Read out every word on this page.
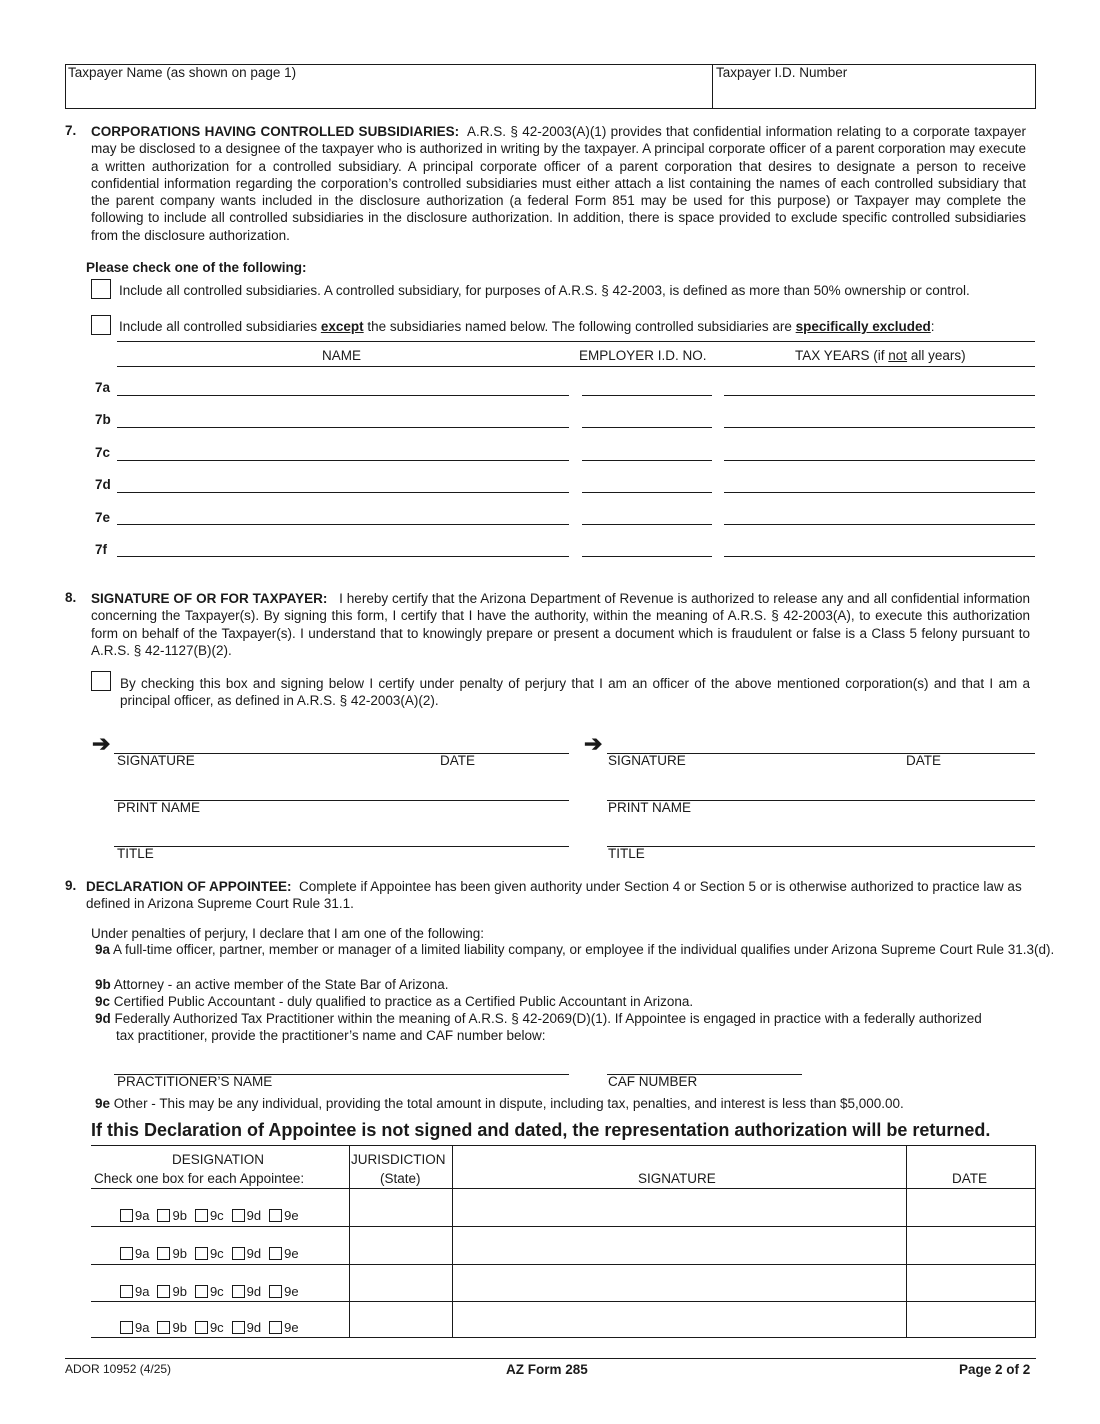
Taxpayer Name (as shown on page 1)	Taxpayer I.D. Number
7. CORPORATIONS HAVING CONTROLLED SUBSIDIARIES: A.R.S. § 42-2003(A)(1) provides that confidential information relating to a corporate taxpayer may be disclosed to a designee of the taxpayer who is authorized in writing by the taxpayer. A principal corporate officer of a parent corporation may execute a written authorization for a controlled subsidiary. A principal corporate officer of a parent corporation that desires to designate a person to receive confidential information regarding the corporation’s controlled subsidiaries must either attach a list containing the names of each controlled subsidiary that the parent company wants included in the disclosure authorization (a federal Form 851 may be used for this purpose) or Taxpayer may complete the following to include all controlled subsidiaries in the disclosure authorization. In addition, there is space provided to exclude specific controlled subsidiaries from the disclosure authorization.
Please check one of the following:
Include all controlled subsidiaries. A controlled subsidiary, for purposes of A.R.S. § 42-2003, is defined as more than 50% ownership or control.
Include all controlled subsidiaries except the subsidiaries named below. The following controlled subsidiaries are specifically excluded:
NAME	EMPLOYER I.D. NO.	TAX YEARS (if not all years)
7a
7b
7c
7d
7e
7f
8. SIGNATURE OF OR FOR TAXPAYER: I hereby certify that the Arizona Department of Revenue is authorized to release any and all confidential information concerning the Taxpayer(s). By signing this form, I certify that I have the authority, within the meaning of A.R.S. § 42-2003(A), to execute this authorization form on behalf of the Taxpayer(s). I understand that to knowingly prepare or present a document which is fraudulent or false is a Class 5 felony pursuant to A.R.S. § 42-1127(B)(2).
By checking this box and signing below I certify under penalty of perjury that I am an officer of the above mentioned corporation(s) and that I am a principal officer, as defined in A.R.S. § 42-2003(A)(2).
➔
SIGNATURE	DATE
PRINT NAME
TITLE
➔
SIGNATURE	DATE
PRINT NAME
TITLE
9. DECLARATION OF APPOINTEE: Complete if Appointee has been given authority under Section 4 or Section 5 or is otherwise authorized to practice law as defined in Arizona Supreme Court Rule 31.1.
Under penalties of perjury, I declare that I am one of the following:
9a A full-time officer, partner, member or manager of a limited liability company, or employee if the individual qualifies under Arizona Supreme Court Rule 31.3(d).
9b Attorney - an active member of the State Bar of Arizona.
9c Certified Public Accountant - duly qualified to practice as a Certified Public Accountant in Arizona.
9d Federally Authorized Tax Practitioner within the meaning of A.R.S. § 42-2069(D)(1). If Appointee is engaged in practice with a federally authorized tax practitioner, provide the practitioner’s name and CAF number below:
PRACTITIONER’S NAME	CAF NUMBER
9e Other - This may be any individual, providing the total amount in dispute, including tax, penalties, and interest is less than $5,000.00.
If this Declaration of Appointee is not signed and dated, the representation authorization will be returned.
DESIGNATION
Check one box for each Appointee:
JURISDICTION
(State)	SIGNATURE	DATE
9a 9b 9c 9d 9e
9a 9b 9c 9d 9e
9a 9b 9c 9d 9e
9a 9b 9c 9d 9e
ADOR 10952 (4/25)	AZ Form 285	Page 2 of 2
